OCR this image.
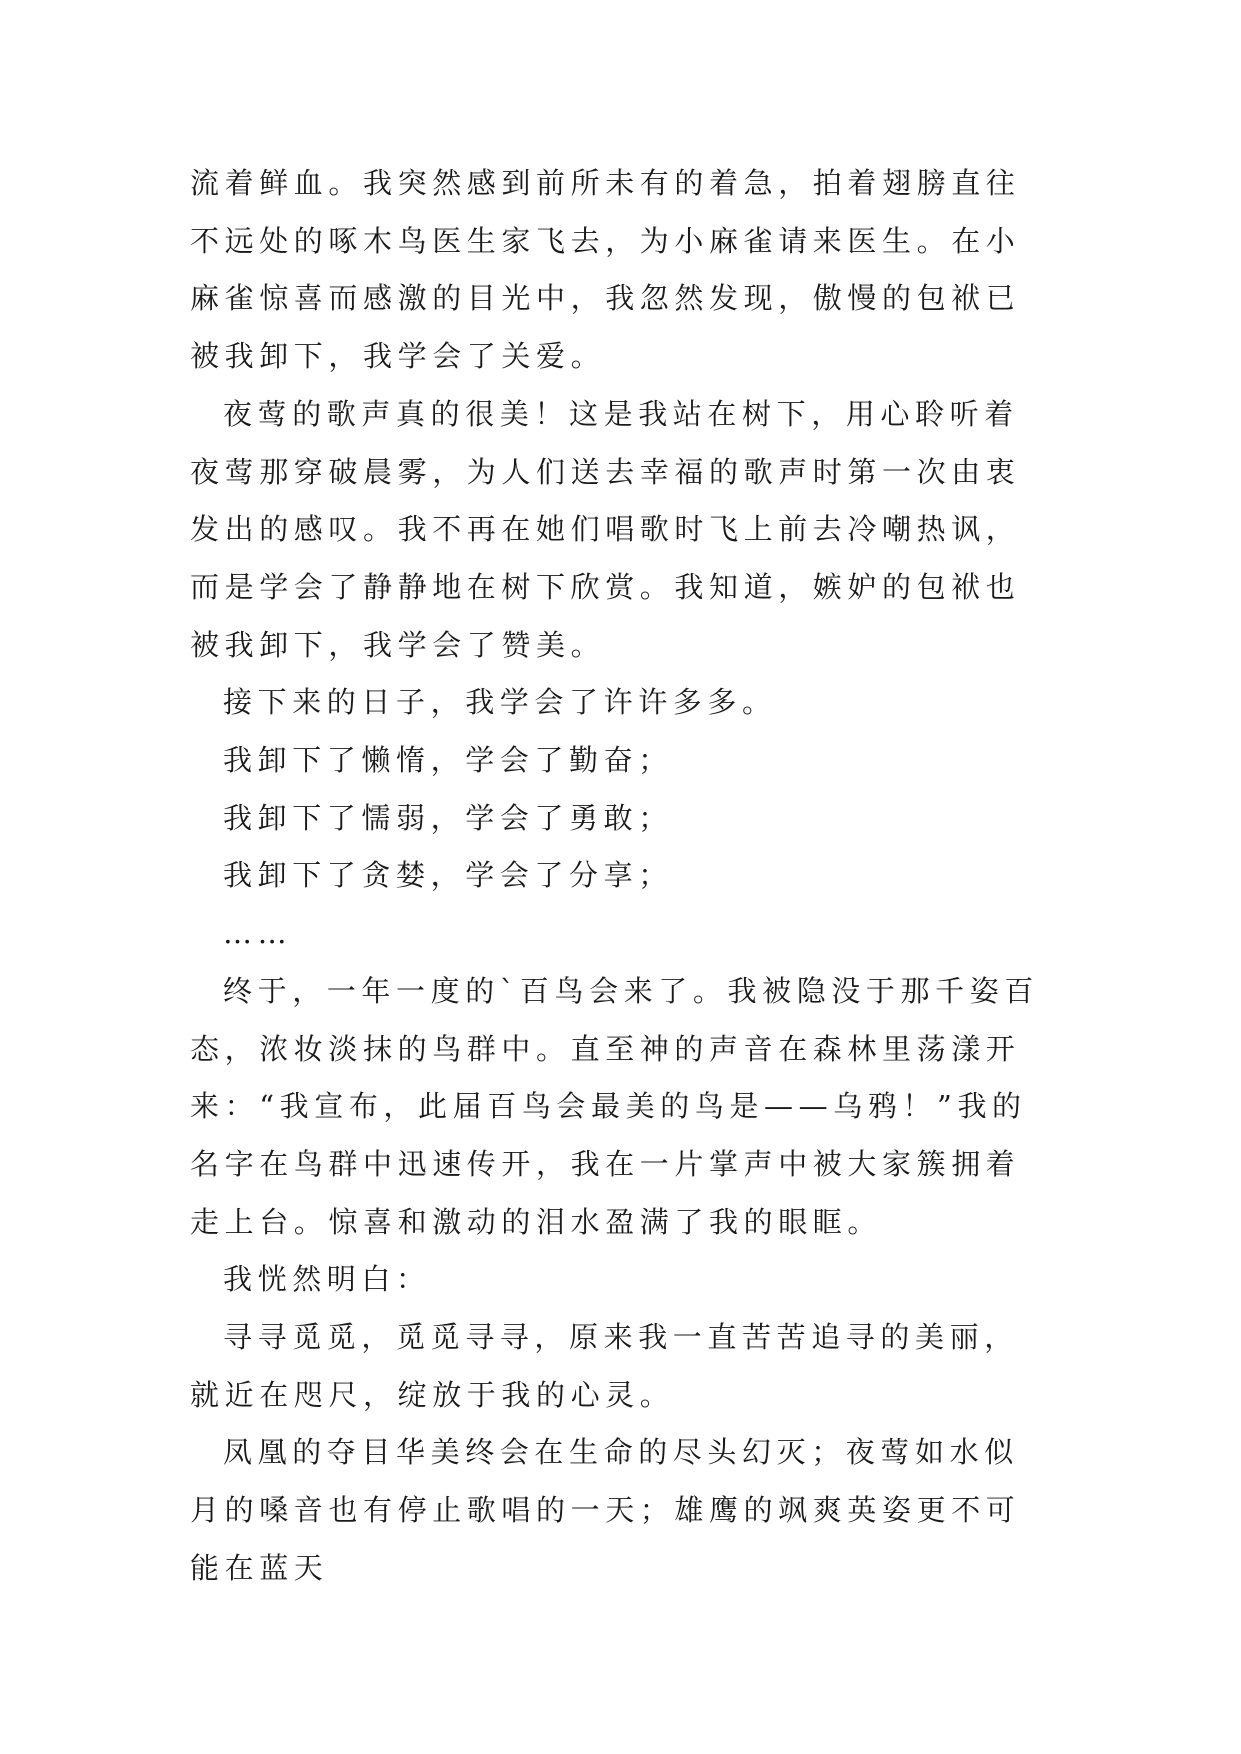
流着鲜血。我突然感到前所未有的着急，拍着翅膀直往不远处的啄木鸟医生家飞去，为小麻雀请来医生。在小麻雀惊喜而感激的目光中，我忽然发现，傲慢的包袱已被我卸下，我学会了关爱。

夜莺的歌声真的很美！这是我站在树下，用心聆听着夜莺那穿破晨雾，为人们送去幸福的歌声时第一次由衷发出的感叹。我不再在她们唱歌时飞上前去冷嘲热讽，而是学会了静静地在树下欣赏。我知道，嫉妒的包袱也被我卸下，我学会了赞美。

接下来的日子，我学会了许许多多。

我卸下了懒惰，学会了勤奋；

我卸下了懦弱，学会了勇敢；

我卸下了贪婪，学会了分享；

……

终于，一年一度的`百鸟会来了。我被隐没于那千姿百态，浓妆淡抹的鸟群中。直至神的声音在森林里荡漾开来：“我宣布，此届百鸟会最美的鸟是——乌鸦！”我的名字在鸟群中迅速传开，我在一片掌声中被大家簇拥着走上台。惊喜和激动的泪水盈满了我的眼眶。

我恍然明白：

寻寻觅觅，觅觅寻寻，原来我一直苦苦追寻的美丽，就近在咫尺，绽放于我的心灵。

凤凰的夺目华美终会在生命的尽头幻灭；夜莺如水似月的嗓音也有停止歌唱的一天；雄鹰的飒爽英姿更不可能在蓝天
